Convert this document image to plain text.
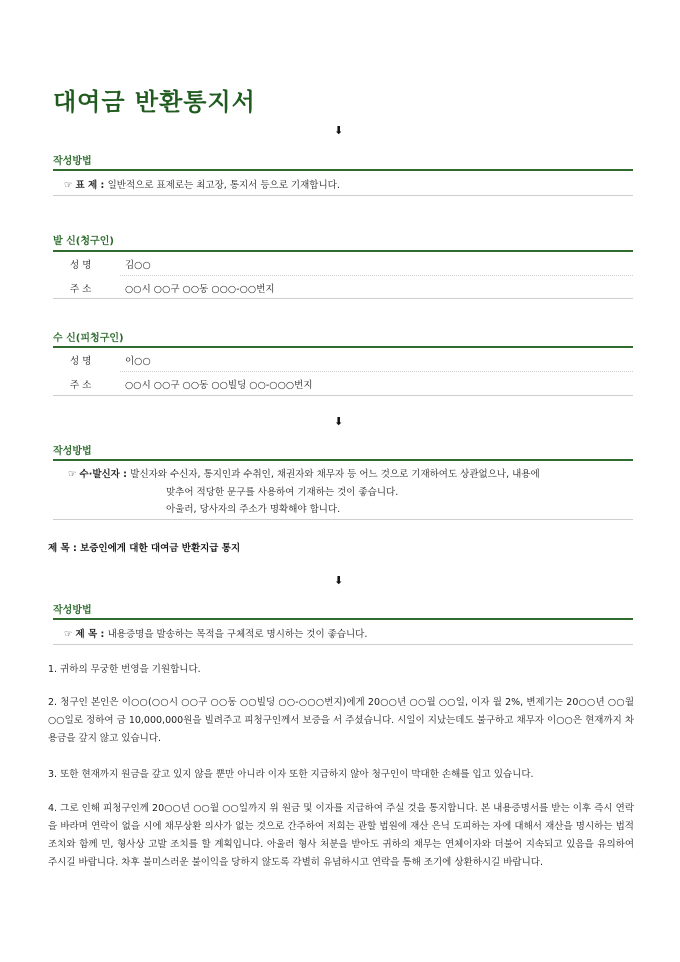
대여금 반환통지서
⬇
작성방법
☞ 표 제 : 일반적으로 표제로는 최고장, 통지서 등으로 기재합니다.
발 신(청구인)
성 명	김○○
주 소	○○시 ○○구 ○○동 ○○○-○○번지
수 신(피청구인)
성 명	이○○
주 소	○○시 ○○구 ○○동 ○○빌딩 ○○-○○○번지
⬇
작성방법
☞ 수·발신자 : 발신자와 수신자, 통지인과 수취인, 채권자와 채무자 등 어느 것으로 기재하여도 상관없으나, 내용에
맞추어 적당한 문구를 사용하여 기재하는 것이 좋습니다.
아울러, 당사자의 주소가 명확해야 합니다.
제 목 : 보증인에게 대한 대여금 반환지급 통지
⬇
작성방법
☞ 제 목 : 내용증명을 발송하는 목적을 구체적로 명시하는 것이 좋습니다.
1. 귀하의 무궁한 번영을 기원합니다.
2. 청구인 본인은 이○○(○○시 ○○구 ○○동 ○○빌딩 ○○-○○○번지)에게 20○○년 ○○월 ○○일, 이자 월 2%, 변제기는 20○○년 ○○월 ○○일로 정하여 금 10,000,000원을 빌려주고 피청구인께서 보증을 서 주셨습니다. 시일이 지났는데도 불구하고 채무자 이○○은 현재까지 차용금을 갚지 않고 있습니다.
3. 또한 현재까지 원금을 갚고 있지 않을 뿐만 아니라 이자 또한 지급하지 않아 청구인이 막대한 손해를 입고 있습니다.
4. 그로 인해 피청구인께 20○○년 ○○월 ○○일까지 위 원금 및 이자를 지급하여 주실 것을 통지합니다. 본 내용증명서를 받는 이후 즉시 연락을 바라며 연락이 없을 시에 채무상환 의사가 없는 것으로 간주하여 저희는 관할 법원에 재산 은닉 도피하는 자에 대해서 재산을 명시하는 법적 조치와 함께 민, 형사상 고발 조치를 할 계획입니다. 아울러 형사 처분을 받아도 귀하의 채무는 연체이자와 더불어 지속되고 있음을 유의하여 주시길 바랍니다. 차후 불미스러운 불이익을 당하지 않도록 각별히 유념하시고 연락을 통해 조기에 상환하시길 바랍니다.
